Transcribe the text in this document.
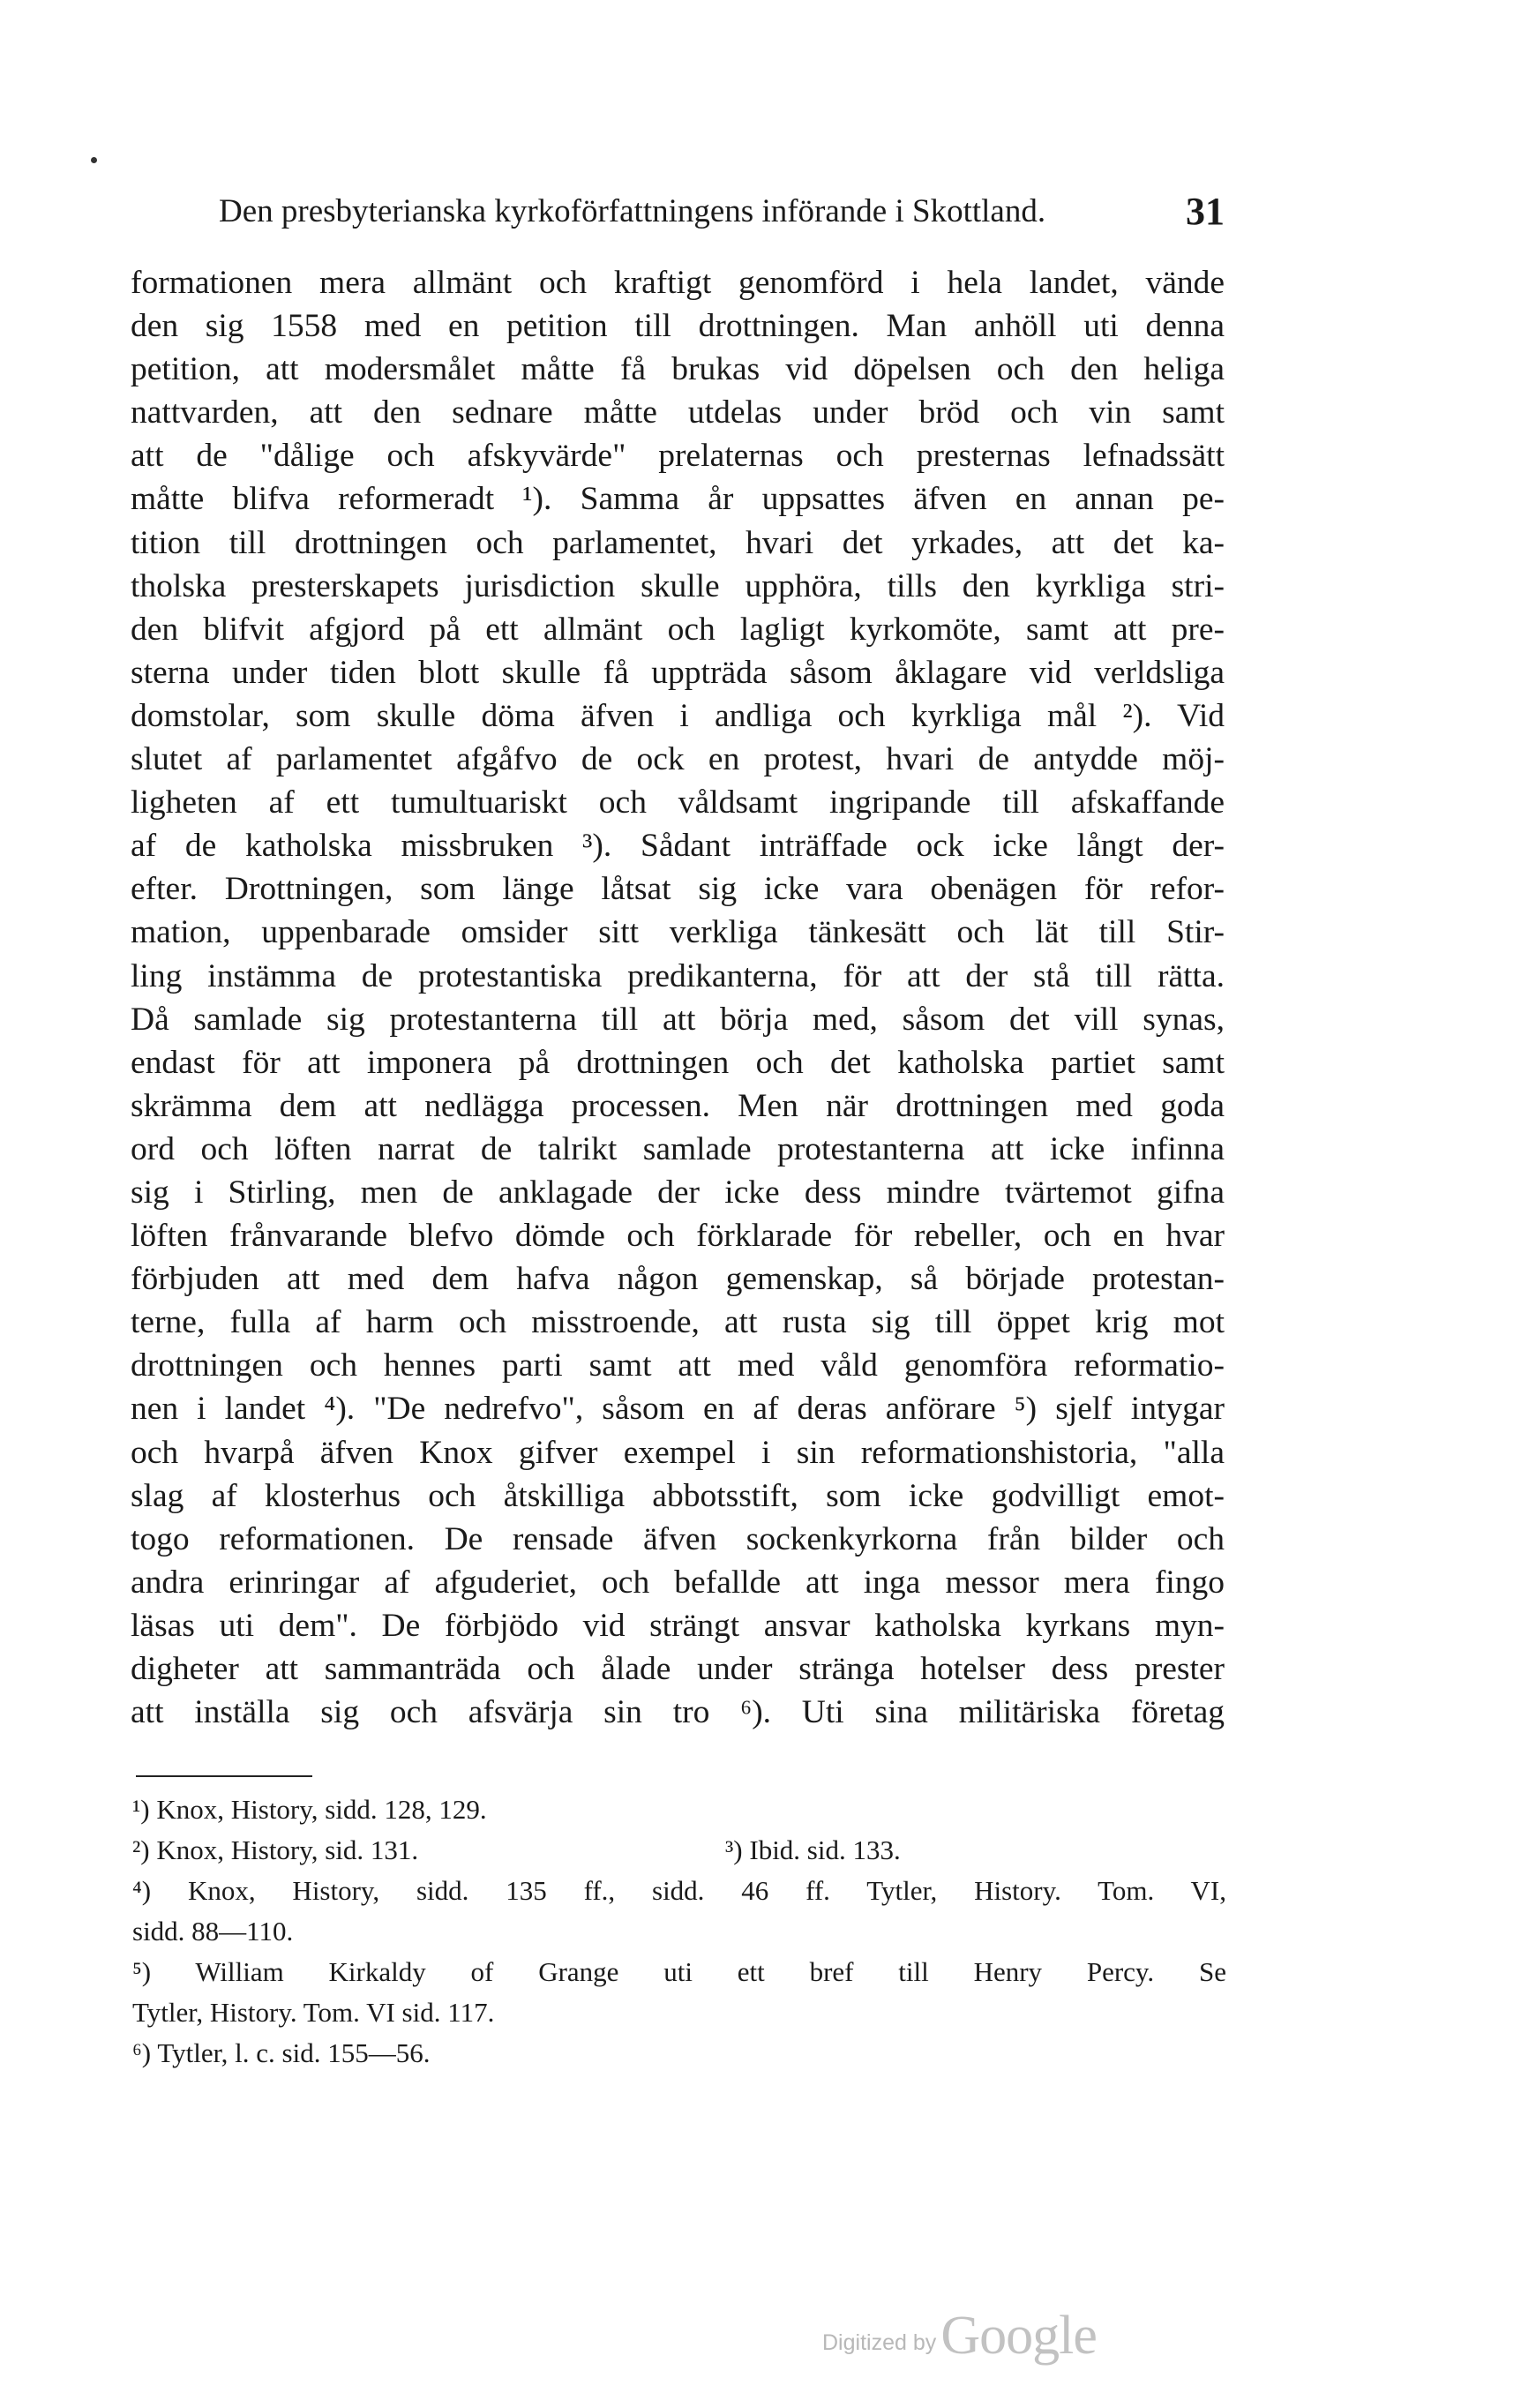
Den presbyterianska kyrkoförfattningens införande i Skottland.	31
formationen mera allmänt och kraftigt genomförd i hela landet, vände
den sig 1558 med en petition till drottningen. Man anhöll uti denna
petition, att modersmålet måtte få brukas vid döpelsen och den heliga
nattvarden, att den sednare måtte utdelas under bröd och vin samt
att de "dålige och afskyvärde" prelaternas och presternas lefnadssätt
måtte blifva reformeradt ¹). Samma år uppsattes äfven en annan pe-
tition till drottningen och parlamentet, hvari det yrkades, att det ka-
tholska presterskapets jurisdiction skulle upphöra, tills den kyrkliga stri-
den blifvit afgjord på ett allmänt och lagligt kyrkomöte, samt att pre-
sterna under tiden blott skulle få uppträda såsom åklagare vid verldsliga
domstolar, som skulle döma äfven i andliga och kyrkliga mål ²). Vid
slutet af parlamentet afgåfvo de ock en protest, hvari de antydde möj-
ligheten af ett tumultuariskt och våldsamt ingripande till afskaffande
af de katholska missbruken ³). Sådant inträffade ock icke långt der-
efter. Drottningen, som länge låtsat sig icke vara obenägen för refor-
mation, uppenbarade omsider sitt verkliga tänkesätt och lät till Stir-
ling instämma de protestantiska predikanterna, för att der stå till rätta.
Då samlade sig protestanterna till att börja med, såsom det vill synas,
endast för att imponera på drottningen och det katholska partiet samt
skrämma dem att nedlägga processen. Men när drottningen med goda
ord och löften narrat de talrikt samlade protestanterna att icke infinna
sig i Stirling, men de anklagade der icke dess mindre tvärtemot gifna
löften frånvarande blefvo dömde och förklarade för rebeller, och en hvar
förbjuden att med dem hafva någon gemenskap, så började protestan-
terne, fulla af harm och misstroende, att rusta sig till öppet krig mot
drottningen och hennes parti samt att med våld genomföra reformatio-
nen i landet ⁴). "De nedrefvo", såsom en af deras anförare ⁵) sjelf intygar
och hvarpå äfven Knox gifver exempel i sin reformationshistoria, "alla
slag af klosterhus och åtskilliga abbotsstift, som icke godvilligt emot-
togo reformationen. De rensade äfven sockenkyrkorna från bilder och
andra erinringar af afguderiet, och befallde att inga messor mera fingo
läsas uti dem". De förbjödo vid strängt ansvar katholska kyrkans myn-
digheter att sammanträda och ålade under stränga hotelser dess prester
att inställa sig och afsvärja sin tro ⁶). Uti sina militäriska företag
¹) Knox, History, sidd. 128, 129.
²) Knox, History, sid. 131.	³) Ibid. sid. 133.
⁴) Knox, History, sidd. 135 ff., sidd. 46 ff. Tytler, History. Tom. VI,
sidd. 88—110.
⁵) William Kirkaldy of Grange uti ett bref till Henry Percy. Se
Tytler, History. Tom. VI sid. 117.
⁶) Tytler, l. c. sid. 155—56.
Digitized by Google
